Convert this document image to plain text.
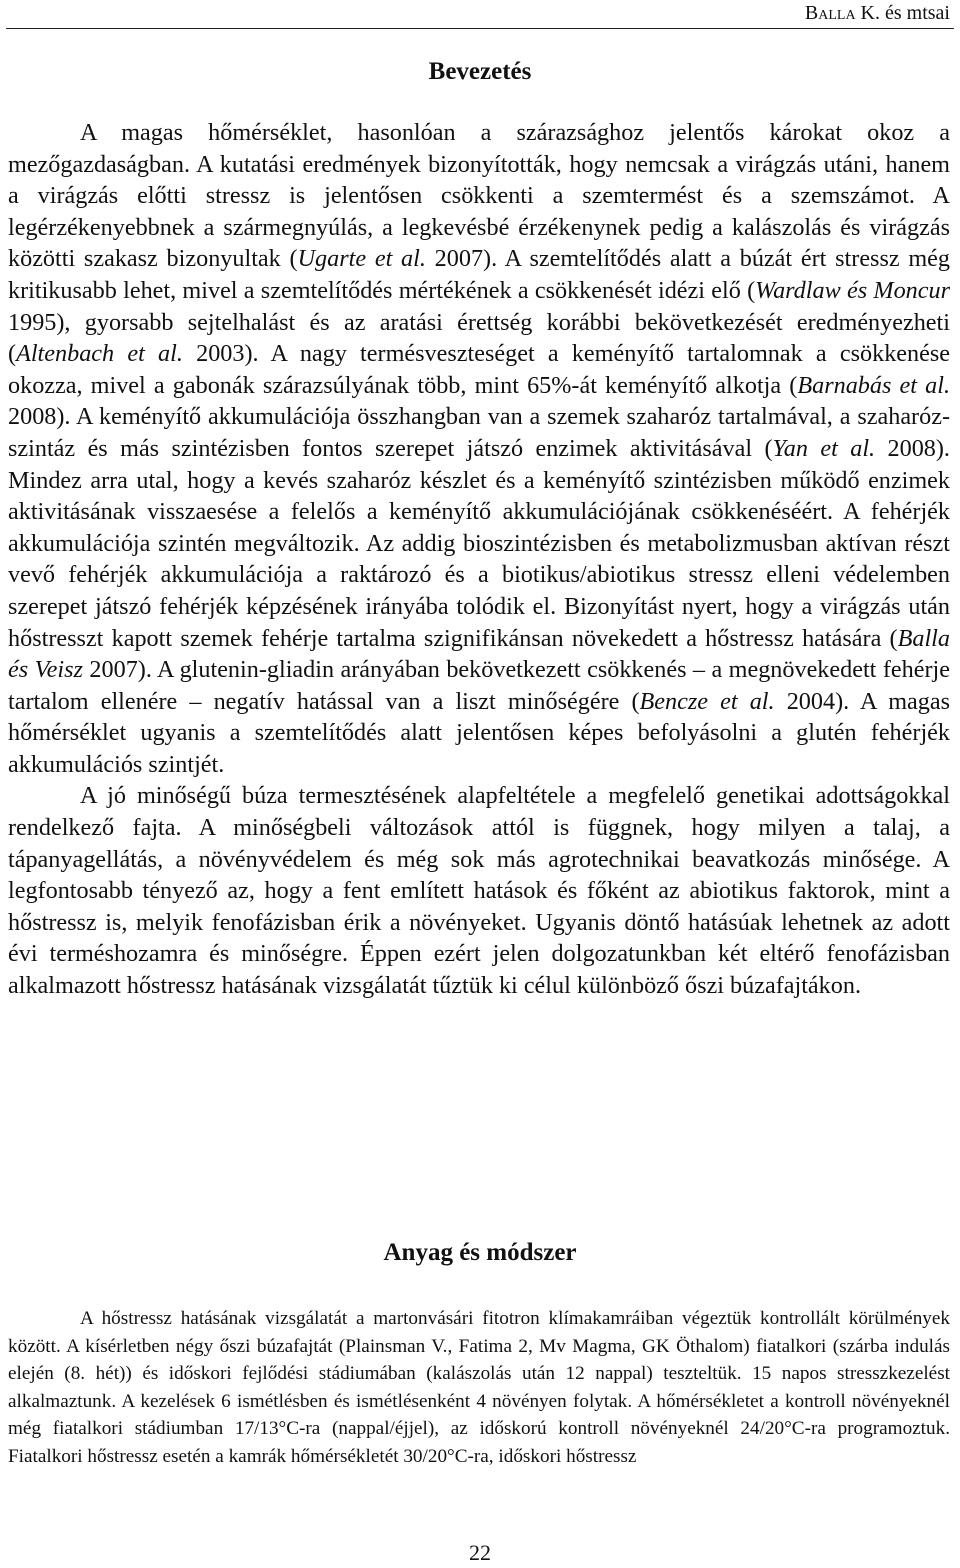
Balla K. és mtsai
Bevezetés

A magas hőmérséklet, hasonlóan a szárazsághoz jelentős károkat okoz a mezőgazdaságban. A kutatási eredmények bizonyították, hogy nemcsak a virágzás utáni, hanem a virágzás előtti stressz is jelentősen csökkenti a szemtermést és a szemszámot. A legérzékenyebbnek a szármegnyúlás, a legkevésbé érzékenynek pedig a kalászolás és virágzás közötti szakasz bizonyultak (Ugarte et al. 2007). A szemtelítődés alatt a búzát ért stressz még kritikusabb lehet, mivel a szemtelítődés mértékének a csökkenését idézi elő (Wardlaw és Moncur 1995), gyorsabb sejtelhalást és az aratási érettség korábbi bekövetkezését eredményezheti (Altenbach et al. 2003). A nagy termésveszteséget a keményítő tartalomnak a csökkenése okozza, mivel a gabonák szárazsúlyának több, mint 65%-át keményítő alkotja (Barnabás et al. 2008). A keményítő akkumulációja összhangban van a szemek szaharóz tartalmával, a szaharóz-szintáz és más szintézisben fontos szerepet játszó enzimek aktivitásával (Yan et al. 2008). Mindez arra utal, hogy a kevés szaharóz készlet és a keményítő szintézisben működő enzimek aktivitásának visszaesése a felelős a keményítő akkumulációjának csökkenéséért. A fehérjék akkumulációja szintén megváltozik. Az addig bioszintézisben és metabolizmusban aktívan részt vevő fehérjék akkumulációja a raktározó és a biotikus/abiotikus stressz elleni védelemben szerepet játszó fehérjék képzésének irányába tolódik el. Bizonyítást nyert, hogy a virágzás után hőstresszt kapott szemek fehérje tartalma szignifikánsan növekedett a hőstressz hatására (Balla és Veisz 2007). A glutenin-gliadin arányában bekövetkezett csökkenés – a megnövekedett fehérje tartalom ellenére – negatív hatással van a liszt minőségére (Bencze et al. 2004). A magas hőmérséklet ugyanis a szemtelítődés alatt jelentősen képes befolyásolni a glutén fehérjék akkumulációs szintjét.

A jó minőségű búza termesztésének alapfeltétele a megfelelő genetikai adottságokkal rendelkező fajta. A minőségbeli változások attól is függnek, hogy milyen a talaj, a tápanyagellátás, a növényvédelem és még sok más agrotechnikai beavatkozás minősége. A legfontosabb tényező az, hogy a fent említett hatások és főként az abiotikus faktorok, mint a hőstressz is, melyik fenofázisban érik a növényeket. Ugyanis döntő hatásúak lehetnek az adott évi terméshozamra és minőségre. Éppen ezért jelen dolgozatunkban két eltérő fenofázisban alkalmazott hőstressz hatásának vizsgálatát tűztük ki célul különböző őszi búzafajtákon.

Anyag és módszer

A hőstressz hatásának vizsgálatát a martonvásári fitotron klímakamráiban végeztük kontrollált körülmények között. A kísérletben négy őszi búzafajtát (Plainsman V., Fatima 2, Mv Magma, GK Öthalom) fiatalkori (szárba indulás elején (8. hét)) és időskori fejlődési stádiumában (kalászolás után 12 nappal) teszteltük. 15 napos stresszkezelést alkalmaztunk. A kezelések 6 ismétlésben és ismétlésenként 4 növényen folytak. A hőmérsékletet a kontroll növényeknél még fiatalkori stádiumban 17/13°C-ra (nappal/éjjel), az időskorú kontroll növényeknél 24/20°C-ra programoztuk. Fiatalkori hőstressz esetén a kamrák hőmérsékletét 30/20°C-ra, időskori hőstressz

22
